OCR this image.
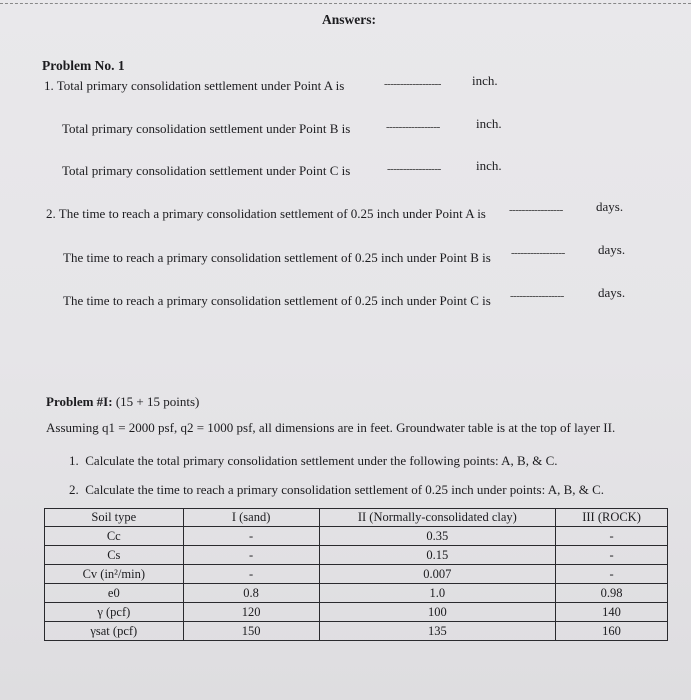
Answers:
Problem No. 1
1. Total primary consolidation settlement under Point A is	------------------ inch.
Total primary consolidation settlement under Point B is	-----------------	inch.
Total primary consolidation settlement under Point C is	-----------------	inch.
2. The time to reach a primary consolidation settlement of 0.25 inch under Point A is -----------------	days.
The time to reach a primary consolidation settlement of 0.25 inch under Point B is -----------------	days.
The time to reach a primary consolidation settlement of 0.25 inch under Point C is -----------------	days.
Problem #I: (15 + 15 points)
Assuming q1 = 2000 psf, q2 = 1000 psf, all dimensions are in feet. Groundwater table is at the top of layer II.
1. Calculate the total primary consolidation settlement under the following points: A, B, & C.
2. Calculate the time to reach a primary consolidation settlement of 0.25 inch under points: A, B, & C.
Soil type	I (sand)	II (Normally-consolidated clay)	III (ROCK)
Cc	-	0.35	-
Cs	-	0.15	-
Cv (in²/min)	-	0.007	-
e0	0.8	1.0	0.98
γ (pcf)	120	100	140
γsat (pcf)	150	135	160
